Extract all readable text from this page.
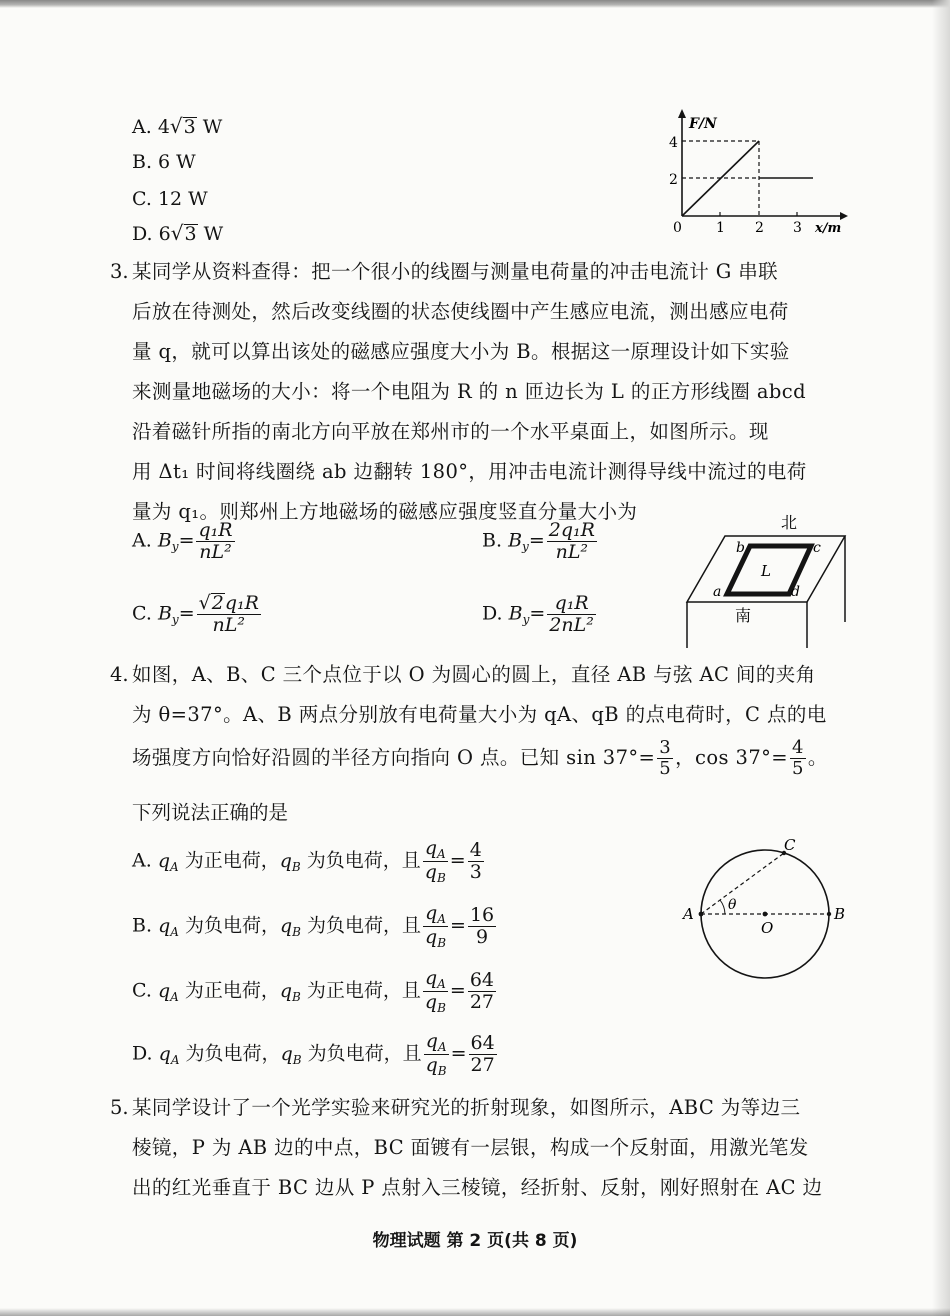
A. 4√3 W
B. 6 W
C. 12 W
D. 6√3 W
F/N
4
2
0 1 2 3 x/m
3. 某同学从资料查得：把一个很小的线圈与测量电荷量的冲击电流计 G 串联
后放在待测处，然后改变线圈的状态使线圈中产生感应电流，测出感应电荷
量 q，就可以算出该处的磁感应强度大小为 B。根据这一原理设计如下实验
来测量地磁场的大小：将一个电阻为 R 的 n 匝边长为 L 的正方形线圈 abcd
沿着磁针所指的南北方向平放在郑州市的一个水平桌面上，如图所示。现
用 Δt₁ 时间将线圈绕 ab 边翻转 180°，用冲击电流计测得导线中流过的电荷
量为 q₁。则郑州上方地磁场的磁感应强度竖直分量大小为
A. $B_y= \frac{\text{q₁R}}{\text{nL²}}$	B. $B_y= \frac{\text{2q₁R}}{\text{nL²}}$
C. $B_y= \frac{\text{√2q₁R}}{\text{nL²}}$	D. $B_y= \frac{\text{q₁R}}{\text{2nL²}}$
北
南
L
a
b	c
d
4. 如图，A、B、C 三个点位于以 O 为圆心的圆上，直径 AB 与弦 AC 间的夹角
为 θ=37°。A、B 两点分别放有电荷量大小为 qA、qB 的点电荷时，C 点的电
场强度方向恰好沿圆的半径方向指向 O 点。已知 $\sin 37^\circ= \frac{3}{5}$ ，$\cos 37^\circ= \frac{4}{5}$ 。
下列说法正确的是
A. $q_A$ 为正电荷，$q_B$ 为负电荷，且 $\frac{q_A}{q_B} = \frac{4}{3}$
B. $q_A$ 为负电荷，$q_B$ 为负电荷，且 $\frac{q_A}{q_B} = \frac{16}{9}$
C. $q_A$ 为正电荷，$q_B$ 为正电荷，且 $\frac{q_A}{q_B} = \frac{64}{27}$
D. $q_A$ 为负电荷，$q_B$ 为负电荷，且 $\frac{q_A}{q_B} = \frac{64}{27}$
A	B
C
O
θ
5. 某同学设计了一个光学实验来研究光的折射现象，如图所示，ABC 为等边三
棱镜，P 为 AB 边的中点，BC 面镀有一层银，构成一个反射面，用激光笔发
出的红光垂直于 BC 边从 P 点射入三棱镜，经折射、反射，刚好照射在 AC 边
物理试题 第 2 页(共 8 页)
